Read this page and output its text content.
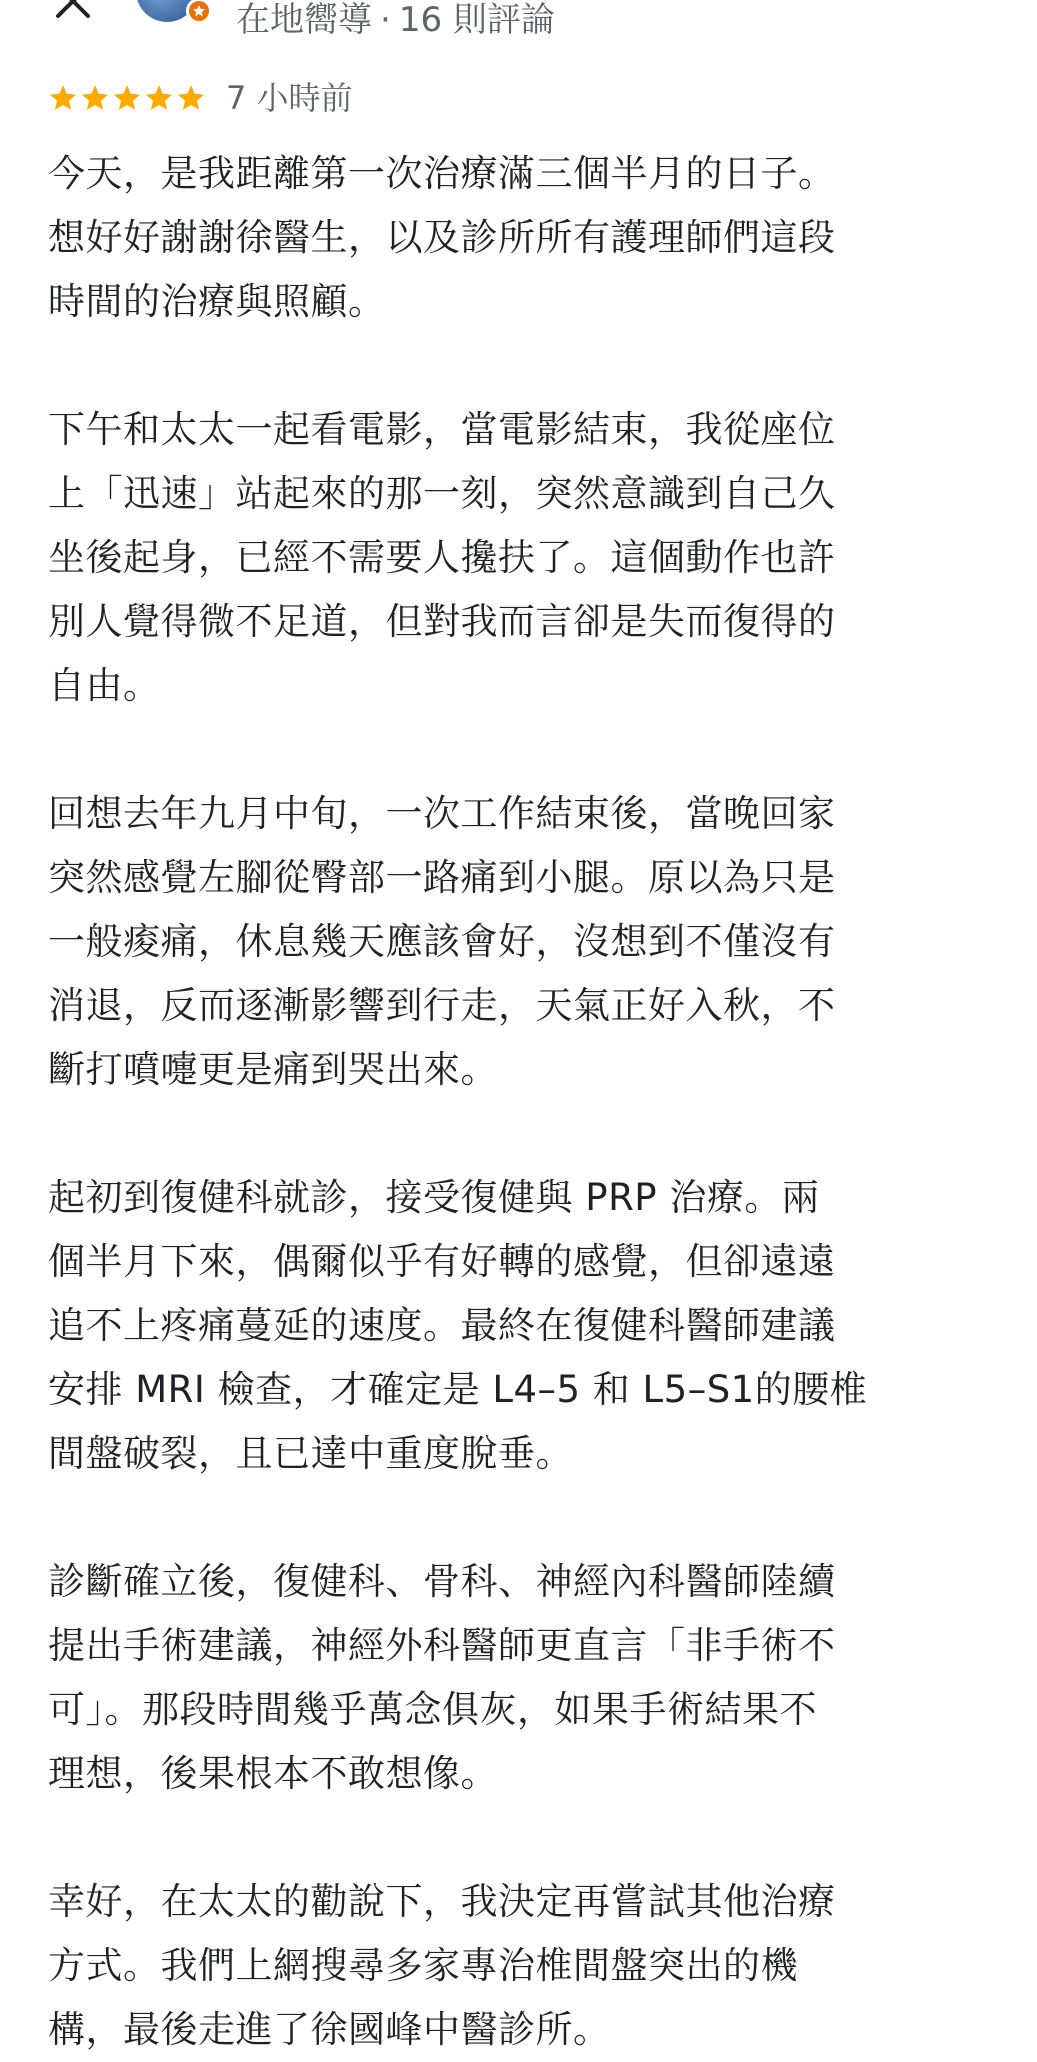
在地嚮導 · 16 則評論
7 小時前

今天，是我距離第一次治療滿三個半月的日子。
想好好謝謝徐醫生，以及診所所有護理師們這段
時間的治療與照顧。

下午和太太一起看電影，當電影結束，我從座位
上「迅速」站起來的那一刻，突然意識到自己久
坐後起身，已經不需要人攙扶了。這個動作也許
別人覺得微不足道，但對我而言卻是失而復得的
自由。

回想去年九月中旬，一次工作結束後，當晚回家
突然感覺左腳從臀部一路痛到小腿。原以為只是
一般痠痛，休息幾天應該會好，沒想到不僅沒有
消退，反而逐漸影響到行走，天氣正好入秋，不
斷打噴嚏更是痛到哭出來。

起初到復健科就診，接受復健與 PRP 治療。兩
個半月下來，偶爾似乎有好轉的感覺，但卻遠遠
追不上疼痛蔓延的速度。最終在復健科醫師建議
安排 MRI 檢查，才確定是 L4–5 和 L5–S1的腰椎
間盤破裂，且已達中重度脫垂。

診斷確立後，復健科、骨科、神經內科醫師陸續
提出手術建議，神經外科醫師更直言「非手術不
可」。那段時間幾乎萬念俱灰，如果手術結果不
理想，後果根本不敢想像。

幸好，在太太的勸說下，我決定再嘗試其他治療
方式。我們上網搜尋多家專治椎間盤突出的機
構，最後走進了徐國峰中醫診所。
